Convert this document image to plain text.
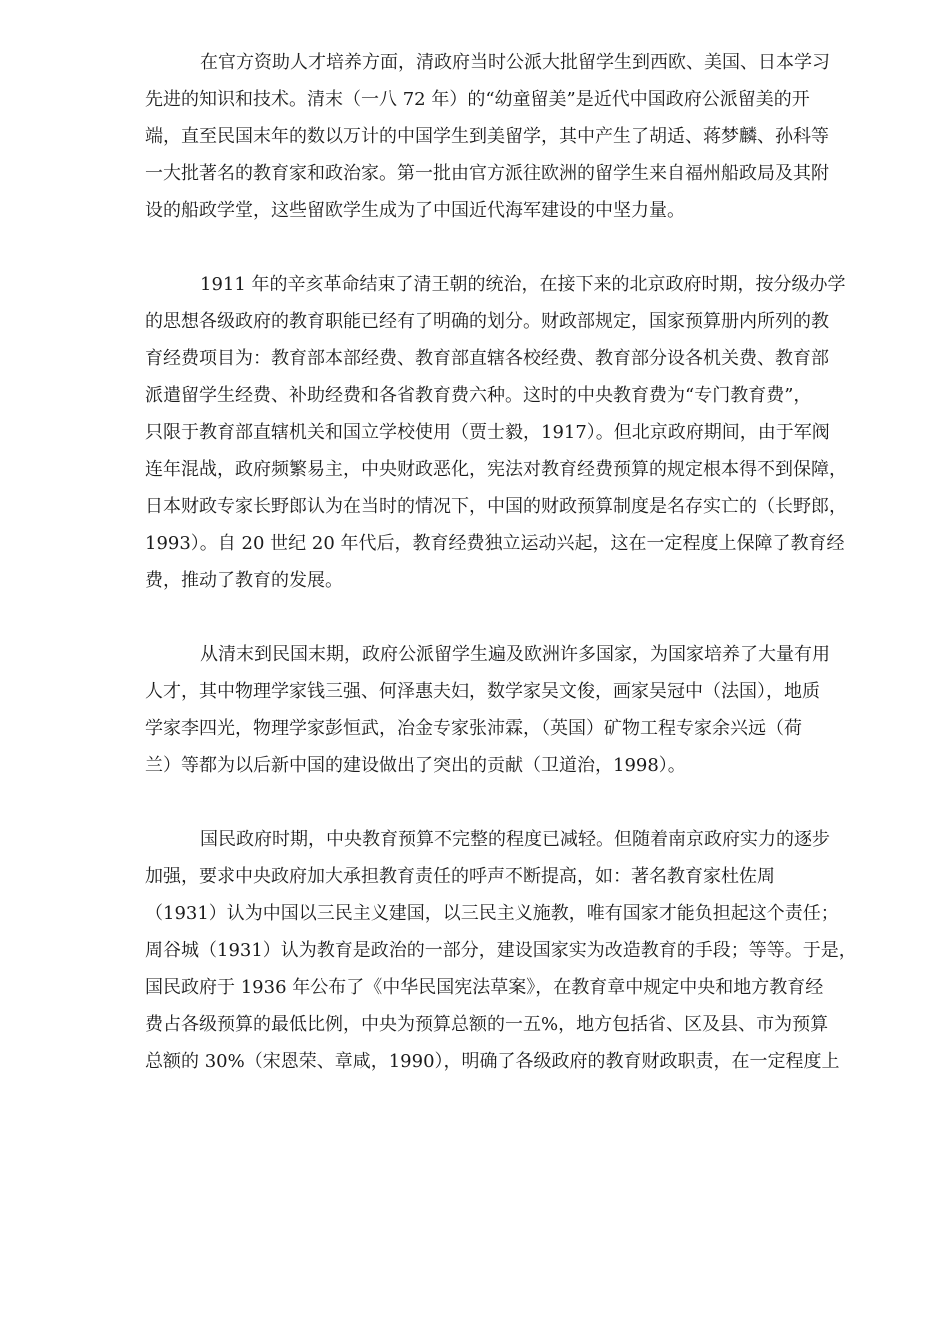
在官方资助人才培养方面，清政府当时公派大批留学生到西欧、美国、日本学习
先进的知识和技术。清末（一八 72 年）的“幼童留美”是近代中国政府公派留美的开
端，直至民国末年的数以万计的中国学生到美留学，其中产生了胡适、蒋梦麟、孙科等
一大批著名的教育家和政治家。第一批由官方派往欧洲的留学生来自福州船政局及其附
设的船政学堂，这些留欧学生成为了中国近代海军建设的中坚力量。

1911 年的辛亥革命结束了清王朝的统治，在接下来的北京政府时期，按分级办学
的思想各级政府的教育职能已经有了明确的划分。财政部规定，国家预算册内所列的教
育经费项目为：教育部本部经费、教育部直辖各校经费、教育部分设各机关费、教育部
派遣留学生经费、补助经费和各省教育费六种。这时的中央教育费为“专门教育费”，
只限于教育部直辖机关和国立学校使用（贾士毅，1917）。但北京政府期间，由于军阀
连年混战，政府频繁易主，中央财政恶化，宪法对教育经费预算的规定根本得不到保障，
日本财政专家长野郎认为在当时的情况下，中国的财政预算制度是名存实亡的（长野郎，
1993）。自 20 世纪 20 年代后，教育经费独立运动兴起，这在一定程度上保障了教育经
费，推动了教育的发展。

从清末到民国末期，政府公派留学生遍及欧洲许多国家，为国家培养了大量有用
人才，其中物理学家钱三强、何泽惠夫妇，数学家吴文俊，画家吴冠中（法国），地质
学家李四光，物理学家彭恒武，冶金专家张沛霖，（英国）矿物工程专家余兴远（荷
兰）等都为以后新中国的建设做出了突出的贡献（卫道治，1998）。

国民政府时期，中央教育预算不完整的程度已减轻。但随着南京政府实力的逐步
加强，要求中央政府加大承担教育责任的呼声不断提高，如：著名教育家杜佐周
（1931）认为中国以三民主义建国，以三民主义施教，唯有国家才能负担起这个责任；
周谷城（1931）认为教育是政治的一部分，建设国家实为改造教育的手段；等等。于是，
国民政府于 1936 年公布了《中华民国宪法草案》，在教育章中规定中央和地方教育经
费占各级预算的最低比例，中央为预算总额的一五%，地方包括省、区及县、市为预算
总额的 30%（宋恩荣、章咸，1990），明确了各级政府的教育财政职责，在一定程度上
